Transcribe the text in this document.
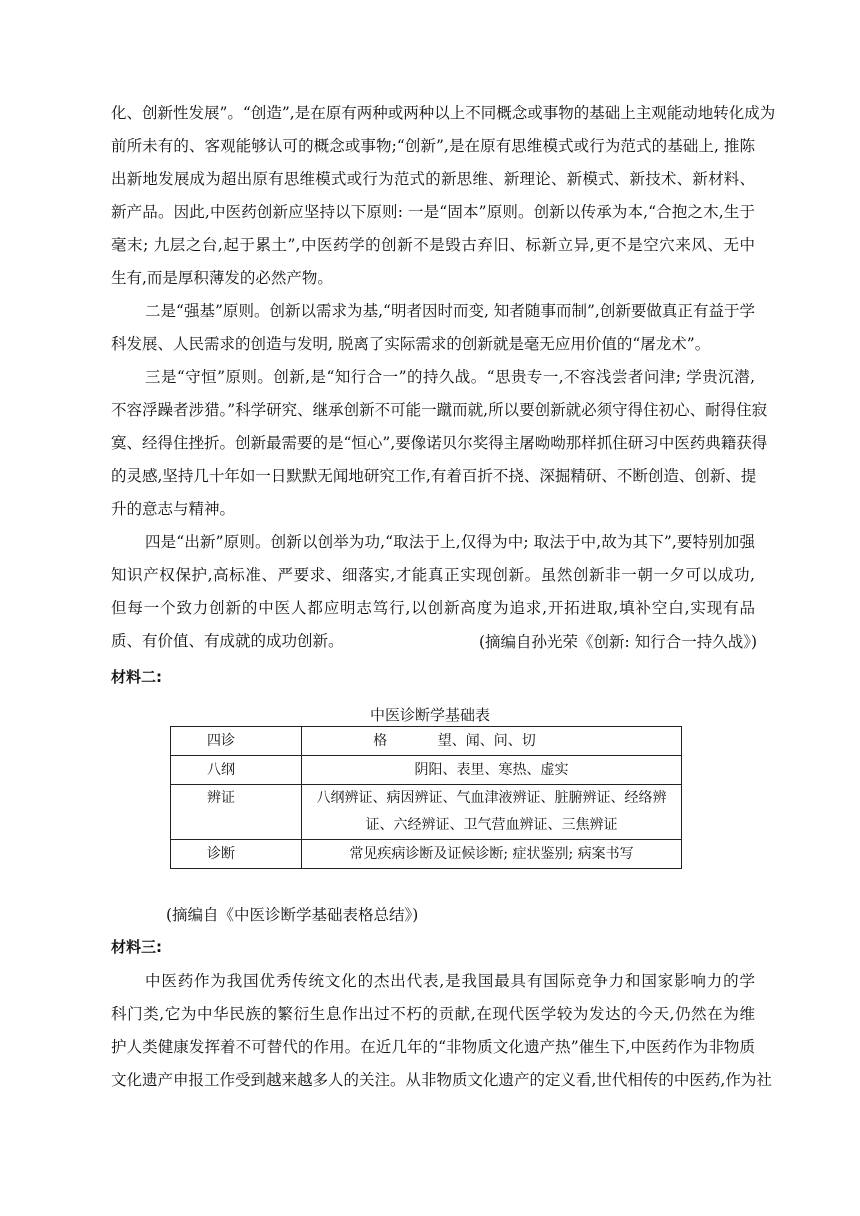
化、创新性发展”。“创造”,是在原有两种或两种以上不同概念或事物的基础上主观能动地转化成为
前所未有的、客观能够认可的概念或事物;“创新”,是在原有思维模式或行为范式的基础上, 推陈
出新地发展成为超出原有思维模式或行为范式的新思维、新理论、新模式、新技术、新材料、
新产品。因此,中医药创新应坚持以下原则: 一是“固本”原则。创新以传承为本,“合抱之木,生于
毫末; 九层之台,起于累土”,中医药学的创新不是毁古弃旧、标新立异,更不是空穴来风、无中
生有,而是厚积薄发的必然产物。
二是“强基”原则。创新以需求为基,“明者因时而变, 知者随事而制”,创新要做真正有益于学
科发展、人民需求的创造与发明, 脱离了实际需求的创新就是毫无应用价值的“屠龙术”。
三是“守恒”原则。创新,是“知行合一”的持久战。“思贵专一,不容浅尝者问津; 学贵沉潜,
不容浮躁者涉猎。”科学研究、继承创新不可能一蹴而就,所以要创新就必须守得住初心、耐得住寂
寞、经得住挫折。创新最需要的是“恒心”,要像诺贝尔奖得主屠呦呦那样抓住研习中医药典籍获得
的灵感,坚持几十年如一日默默无闻地研究工作,有着百折不挠、深掘精研、不断创造、创新、提
升的意志与精神。
四是“出新”原则。创新以创举为功,“取法于上,仅得为中; 取法于中,故为其下”,要特别加强
知识产权保护,高标准、严要求、细落实,才能真正实现创新。虽然创新非一朝一夕可以成功,
但每一个致力创新的中医人都应明志笃行,以创新高度为追求,开拓进取,填补空白,实现有品
质、有价值、有成就的成功创新。	(摘编自孙光荣《创新: 知行合一持久战》)
材料二:
中医诊断学基础表
四诊	格 望、闻、问、切
八纲	阴阳、表里、寒热、虚实
辨证	八纲辨证、病因辨证、气血津液辨证、脏腑辨证、经络辨
证、六经辨证、卫气营血辨证、三焦辨证

诊断	常见疾病诊断及证候诊断; 症状鉴别; 病案书写
(摘编自《中医诊断学基础表格总结》)
材料三:
中医药作为我国优秀传统文化的杰出代表,是我国最具有国际竞争力和国家影响力的学
科门类,它为中华民族的繁衍生息作出过不朽的贡献,在现代医学较为发达的今天,仍然在为维
护人类健康发挥着不可替代的作用。在近几年的“非物质文化遗产热”催生下,中医药作为非物质
文化遗产申报工作受到越来越多人的关注。从非物质文化遗产的定义看,世代相传的中医药,作为社
